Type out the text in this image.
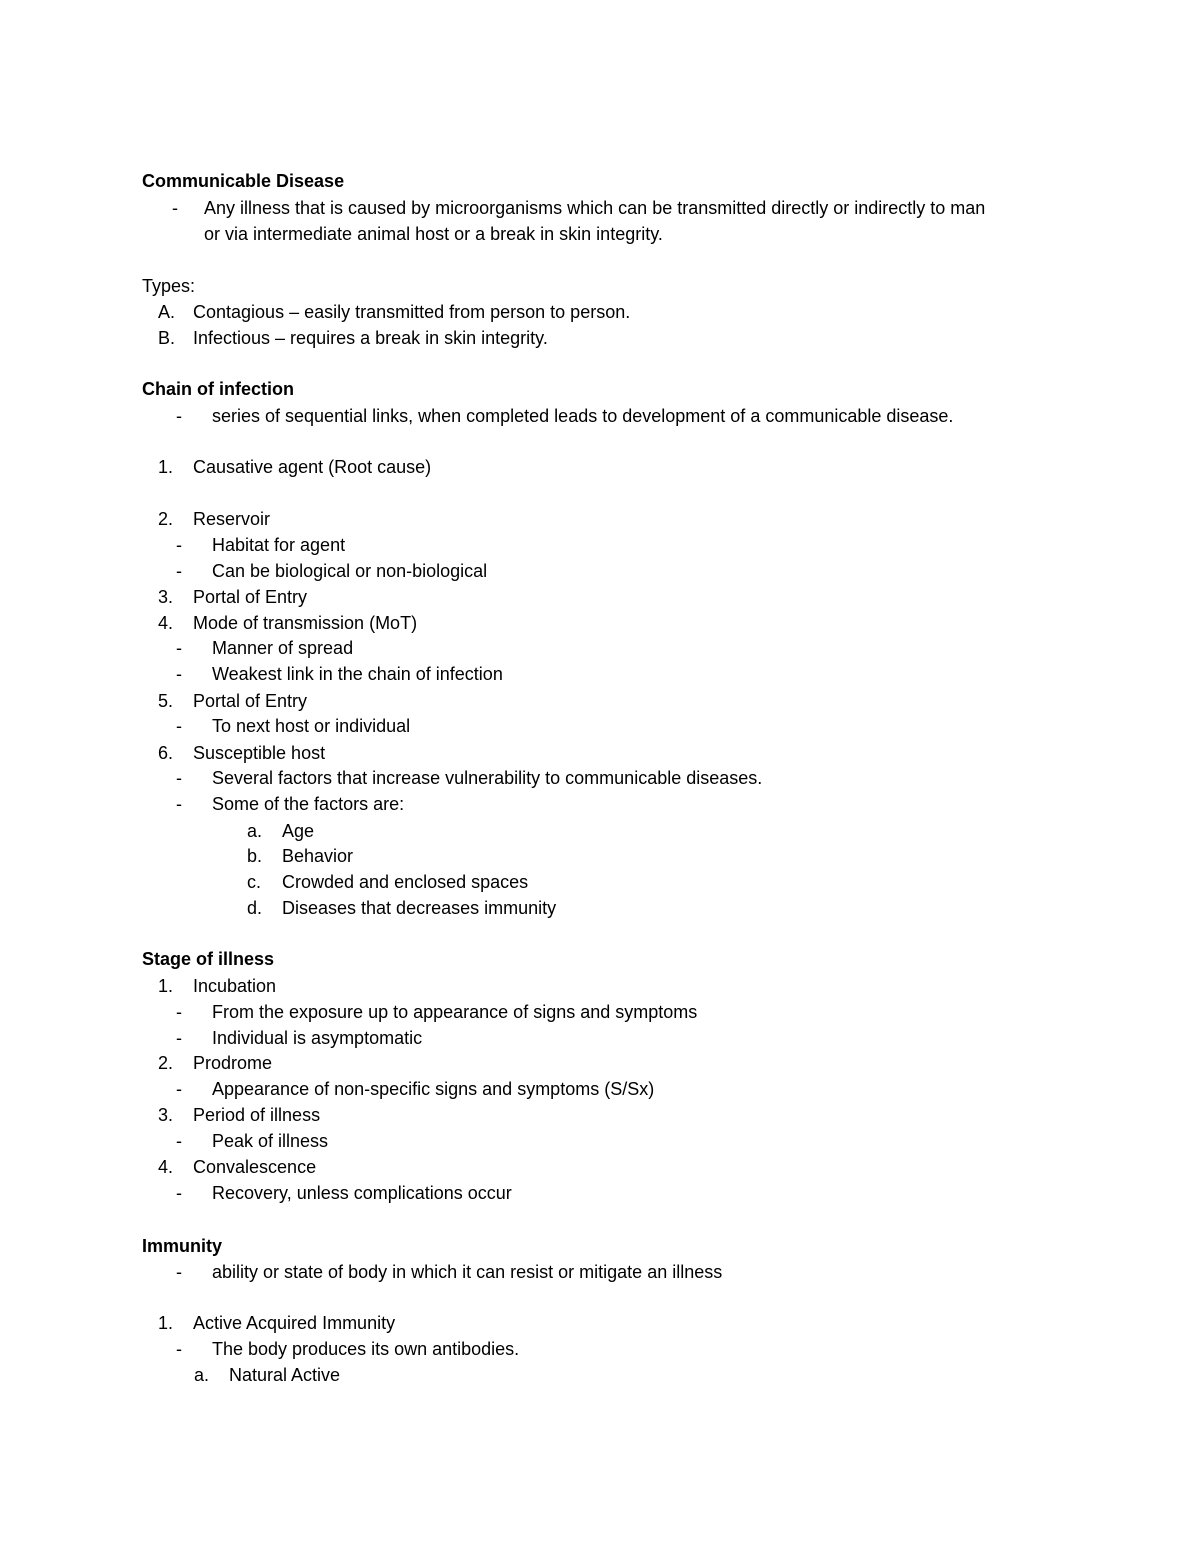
Communicable Disease
- Any illness that is caused by microorganisms which can be transmitted directly or indirectly to man
or via intermediate animal host or a break in skin integrity.
Types:
A. Contagious – easily transmitted from person to person.
B. Infectious – requires a break in skin integrity.
Chain of infection
- series of sequential links, when completed leads to development of a communicable disease.
1. Causative agent (Root cause)
2. Reservoir
- Habitat for agent
- Can be biological or non-biological
3. Portal of Entry
4. Mode of transmission (MoT)
- Manner of spread
- Weakest link in the chain of infection
5. Portal of Entry
- To next host or individual
6. Susceptible host
- Several factors that increase vulnerability to communicable diseases.
- Some of the factors are:
a. Age
b. Behavior
c. Crowded and enclosed spaces
d. Diseases that decreases immunity
Stage of illness
1. Incubation
- From the exposure up to appearance of signs and symptoms
- Individual is asymptomatic
2. Prodrome
- Appearance of non-specific signs and symptoms (S/Sx)
3. Period of illness
- Peak of illness
4. Convalescence
- Recovery, unless complications occur
Immunity
- ability or state of body in which it can resist or mitigate an illness
1. Active Acquired Immunity
- The body produces its own antibodies.
a. Natural Active
